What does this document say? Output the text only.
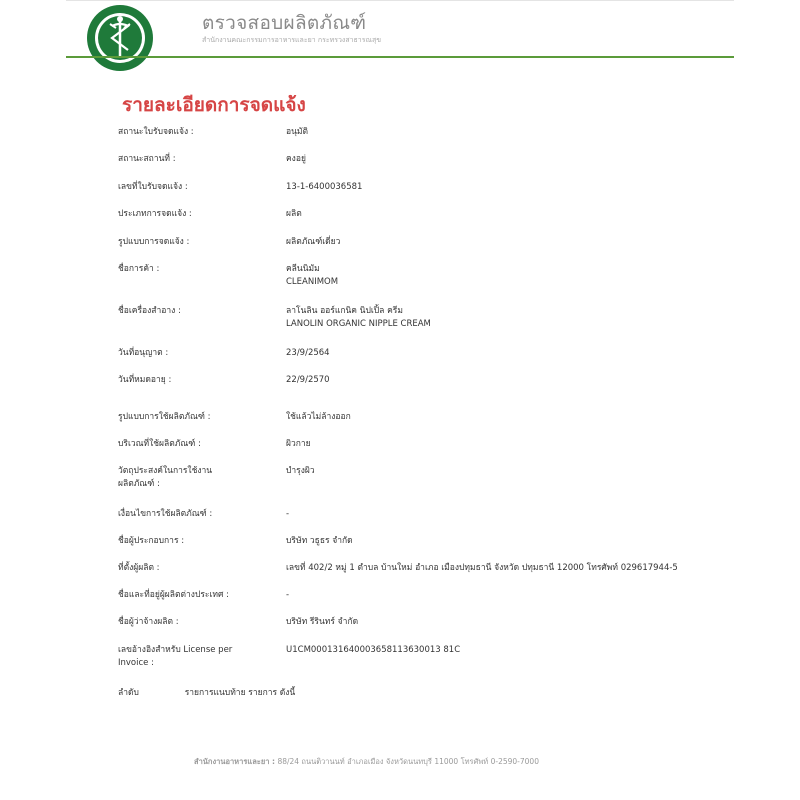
ตรวจสอบผลิตภัณฑ์
สำนักงานคณะกรรมการอาหารและยา กระทรวงสาธารณสุข
รายละเอียดการจดแจ้ง
สถานะใบรับจดแจ้ง :	อนุมัติ
สถานะสถานที่ :	คงอยู่
เลขที่ใบรับจดแจ้ง :	13-1-6400036581
ประเภทการจดแจ้ง :	ผลิต
รูปแบบการจดแจ้ง :	ผลิตภัณฑ์เดี่ยว
ชื่อการค้า :	คลีนนิมัม
CLEANIMOM
ชื่อเครื่องสำอาง :	ลาโนลิน ออร์แกนิค นิปเปิ้ล ครีม
LANOLIN ORGANIC NIPPLE CREAM
วันที่อนุญาต :	23/9/2564
วันที่หมดอายุ :	22/9/2570
รูปแบบการใช้ผลิตภัณฑ์ :	ใช้แล้วไม่ล้างออก
บริเวณที่ใช้ผลิตภัณฑ์ :	ผิวกาย
วัตถุประสงค์ในการใช้งาน
ผลิตภัณฑ์ :
บำรุงผิว
เงื่อนไขการใช้ผลิตภัณฑ์ :	-
ชื่อผู้ประกอบการ :	บริษัท วธูธร จำกัด
ที่ตั้งผู้ผลิต :	เลขที่ 402/2 หมู่ 1 ตำบล บ้านใหม่ อำเภอ เมืองปทุมธานี จังหวัด ปทุมธานี 12000 โทรศัพท์ 029617944-5
ชื่อและที่อยู่ผู้ผลิตต่างประเทศ :	-
ชื่อผู้ว่าจ้างผลิต :	บริษัท รีรินทร์ จำกัด
เลขอ้างอิงสำหรับ License per
Invoice :
U1CM000131640003658113630013 81C
ลำดับ	รายการแนบท้าย รายการ ดังนี้
สำนักงานอาหารและยา : 88/24 ถนนติวานนท์ อำเภอเมือง จังหวัดนนทบุรี 11000 โทรศัพท์ 0-2590-7000
